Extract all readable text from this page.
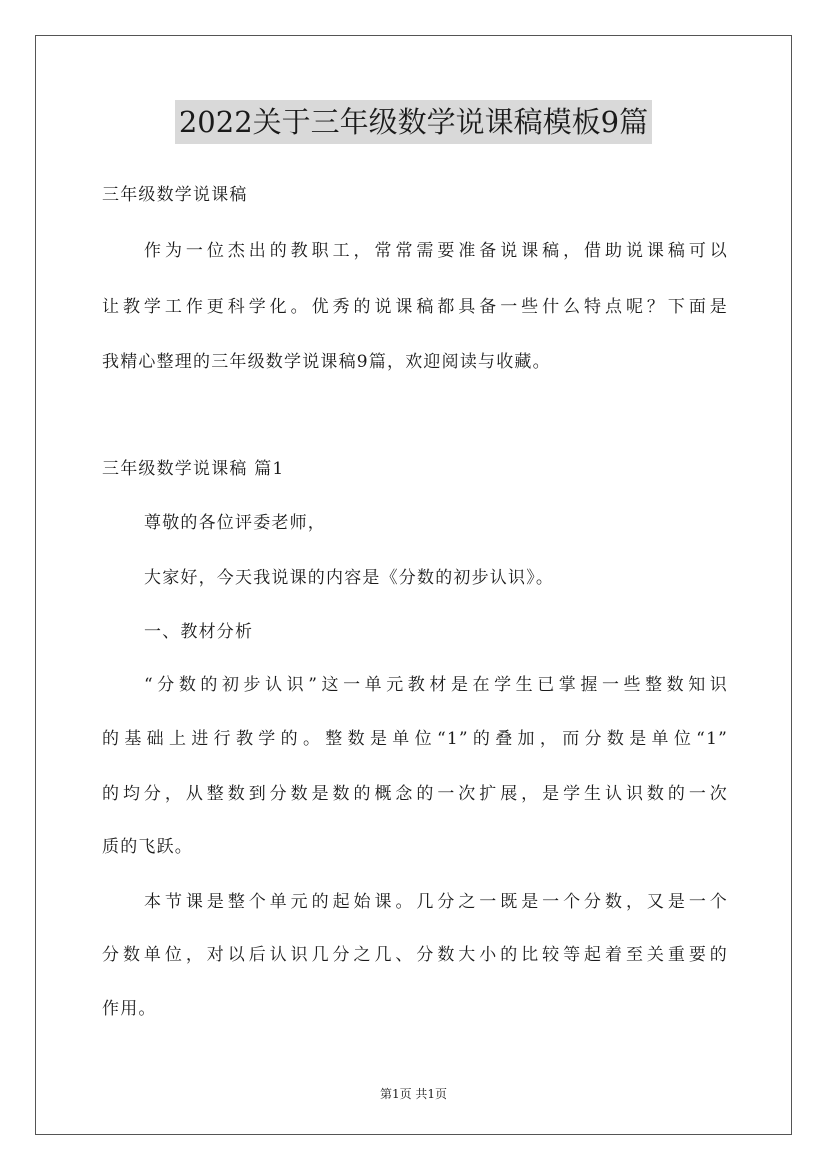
2022关于三年级数学说课稿模板9篇
三年级数学说课稿
作为一位杰出的教职工，常常需要准备说课稿，借助说课稿可以
让教学工作更科学化。优秀的说课稿都具备一些什么特点呢？下面是
我精心整理的三年级数学说课稿9篇，欢迎阅读与收藏。
三年级数学说课稿 篇1
尊敬的各位评委老师，
大家好，今天我说课的内容是《分数的初步认识》。
一、教材分析
“分数的初步认识”这一单元教材是在学生已掌握一些整数知识
的基础上进行教学的。整数是单位“1”的叠加，而分数是单位“1”
的均分，从整数到分数是数的概念的一次扩展，是学生认识数的一次
质的飞跃。
本节课是整个单元的起始课。几分之一既是一个分数，又是一个
分数单位，对以后认识几分之几、分数大小的比较等起着至关重要的
作用。
第1页 共1页
